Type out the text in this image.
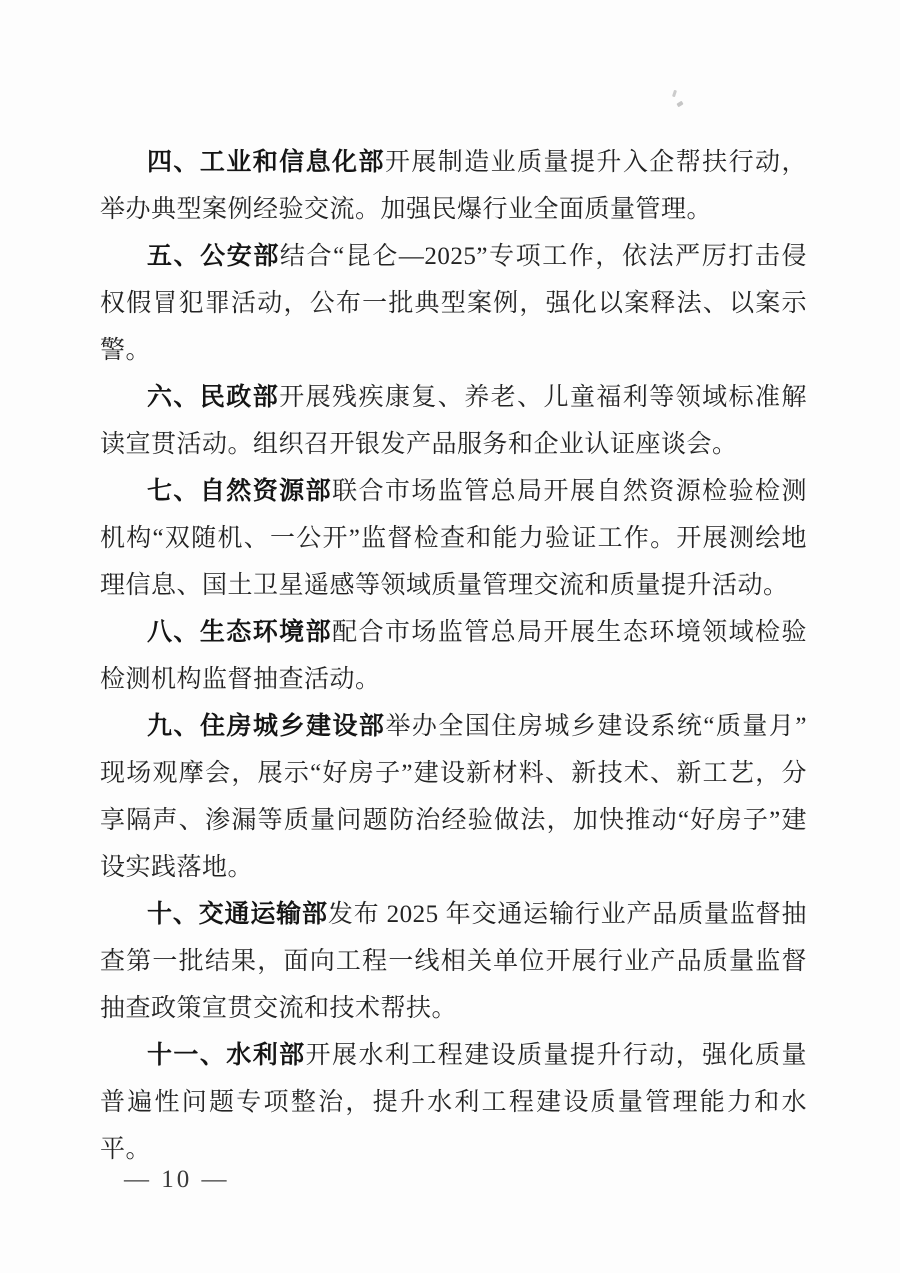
四、工业和信息化部开展制造业质量提升入企帮扶行动，举办典型案例经验交流。加强民爆行业全面质量管理。

五、公安部结合“昆仑—2025”专项工作，依法严厉打击侵权假冒犯罪活动，公布一批典型案例，强化以案释法、以案示警。

六、民政部开展残疾康复、养老、儿童福利等领域标准解读宣贯活动。组织召开银发产品服务和企业认证座谈会。

七、自然资源部联合市场监管总局开展自然资源检验检测机构“双随机、一公开”监督检查和能力验证工作。开展测绘地理信息、国土卫星遥感等领域质量管理交流和质量提升活动。

八、生态环境部配合市场监管总局开展生态环境领域检验检测机构监督抽查活动。

九、住房城乡建设部举办全国住房城乡建设系统“质量月”现场观摩会，展示“好房子”建设新材料、新技术、新工艺，分享隔声、渗漏等质量问题防治经验做法，加快推动“好房子”建设实践落地。

十、交通运输部发布 2025 年交通运输行业产品质量监督抽查第一批结果，面向工程一线相关单位开展行业产品质量监督抽查政策宣贯交流和技术帮扶。

十一、水利部开展水利工程建设质量提升行动，强化质量普遍性问题专项整治，提升水利工程建设质量管理能力和水平。

— 10 —
